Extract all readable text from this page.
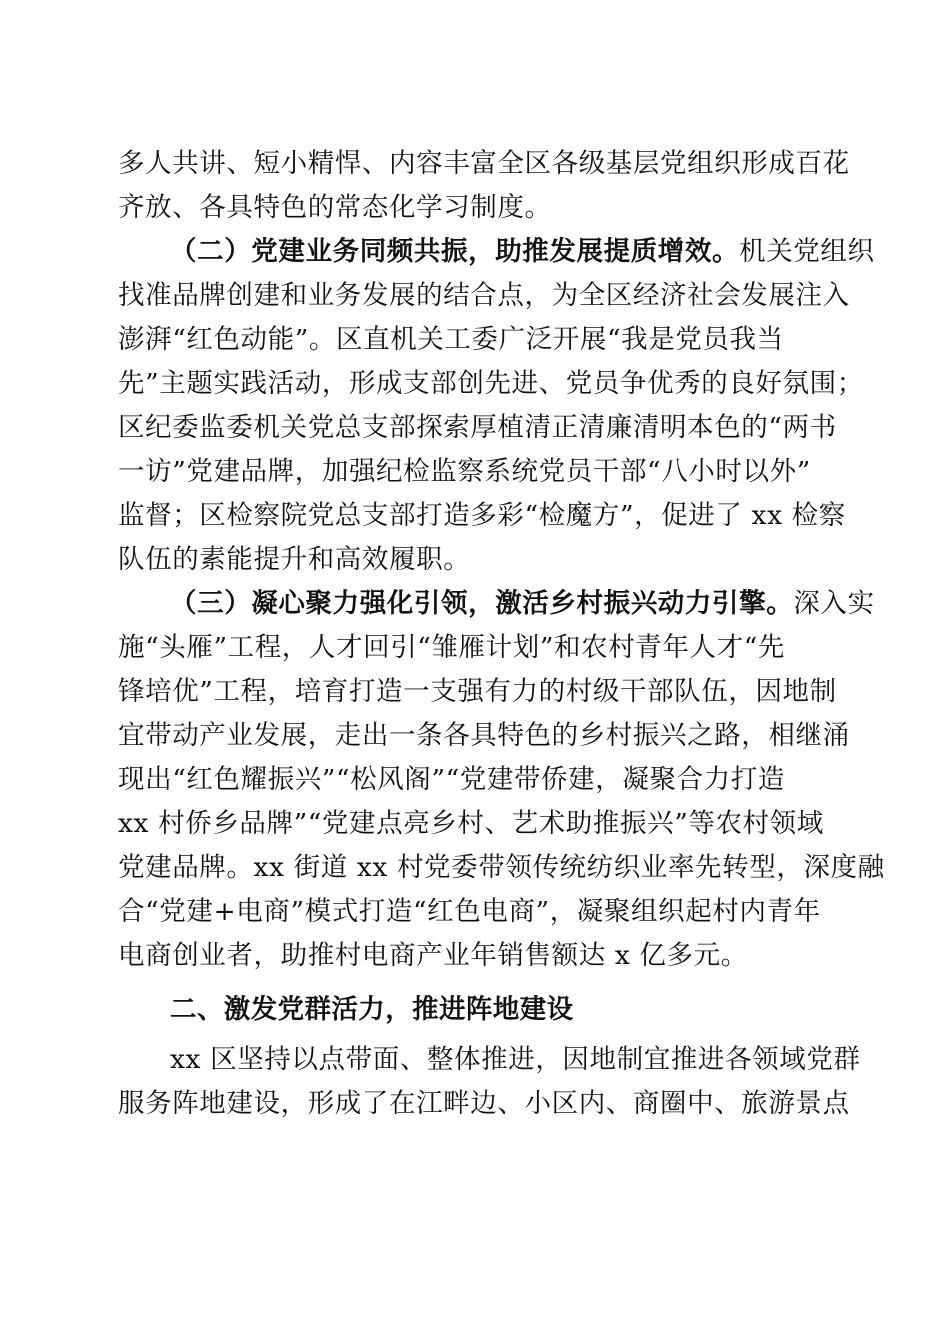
多人共讲、短小精悍、内容丰富全区各级基层党组织形成百花
齐放、各具特色的常态化学习制度。
（二）党建业务同频共振，助推发展提质增效。机关党组织
找准品牌创建和业务发展的结合点，为全区经济社会发展注入
澎湃“红色动能”。区直机关工委广泛开展“我是党员我当
先”主题实践活动，形成支部创先进、党员争优秀的良好氛围；
区纪委监委机关党总支部探索厚植清正清廉清明本色的“两书
一访”党建品牌，加强纪检监察系统党员干部“八小时以外”
监督；区检察院党总支部打造多彩“检魔方”，促进了 xx 检察
队伍的素能提升和高效履职。
（三）凝心聚力强化引领，激活乡村振兴动力引擎。深入实
施“头雁”工程，人才回引“雏雁计划”和农村青年人才“先
锋培优”工程，培育打造一支强有力的村级干部队伍，因地制
宜带动产业发展，走出一条各具特色的乡村振兴之路，相继涌
现出“红色耀振兴”“松风阁”“党建带侨建，凝聚合力打造
xx 村侨乡品牌”“党建点亮乡村、艺术助推振兴”等农村领域
党建品牌。xx 街道 xx 村党委带领传统纺织业率先转型，深度融
合“党建+电商”模式打造“红色电商”，凝聚组织起村内青年
电商创业者，助推村电商产业年销售额达 x 亿多元。
二、激发党群活力，推进阵地建设
xx 区坚持以点带面、整体推进，因地制宜推进各领域党群
服务阵地建设，形成了在江畔边、小区内、商圈中、旅游景点
